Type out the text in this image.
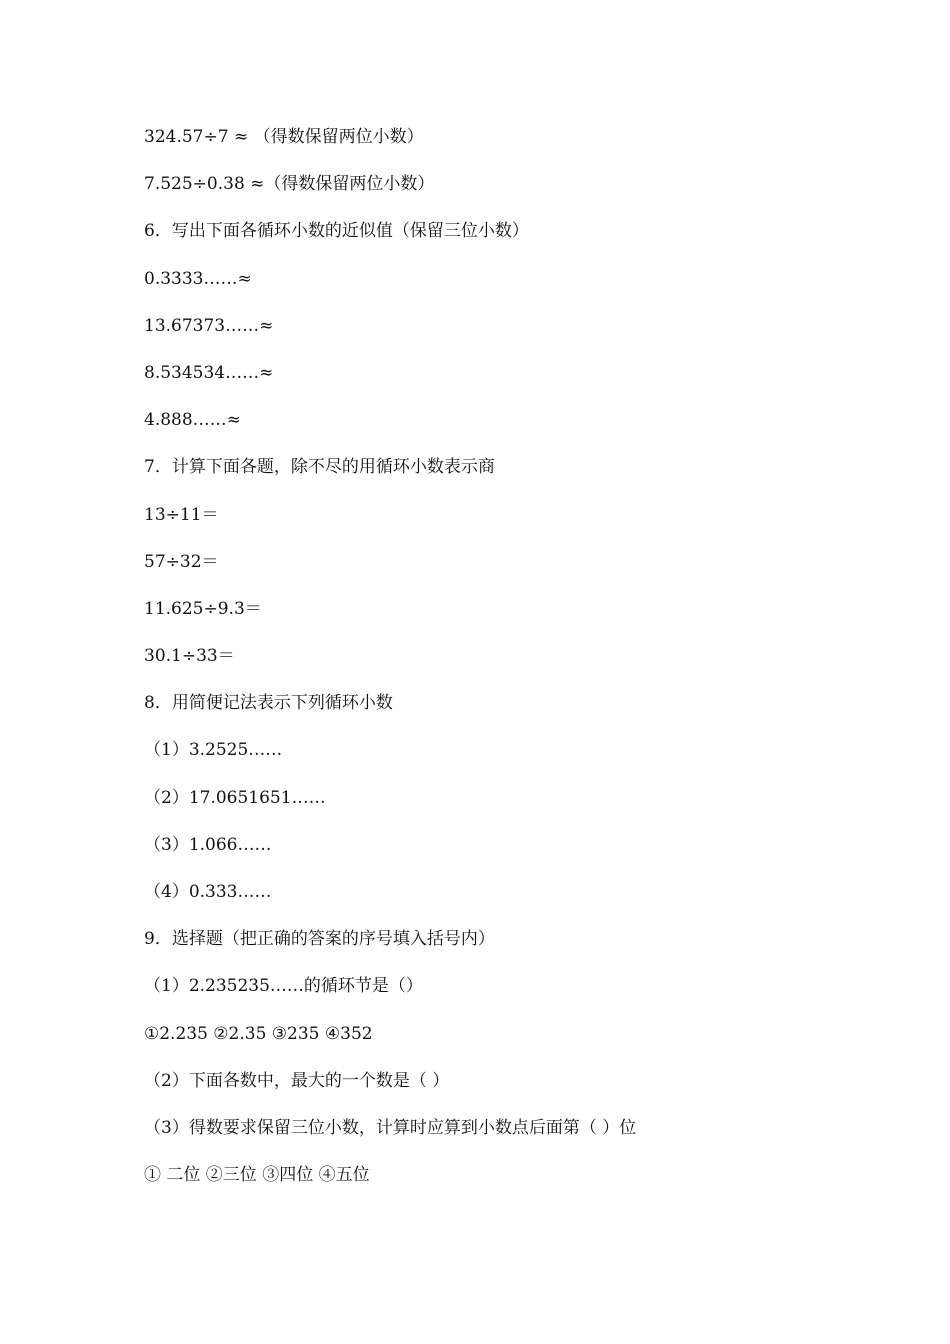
324.57÷7 ≈ （得数保留两位小数）
7.525÷0.38 ≈（得数保留两位小数）
6．写出下面各循环小数的近似值（保留三位小数）
0.3333……≈
13.67373……≈
8.534534……≈
4.888……≈
7．计算下面各题，除不尽的用循环小数表示商
13÷11＝
57÷32＝
11.625÷9.3＝
30.1÷33＝
8．用简便记法表示下列循环小数
（1）3.2525……
（2）17.0651651……
（3）1.066……
（4）0.333……
9．选择题（把正确的答案的序号填入括号内）
（1）2.235235……的循环节是（）
①2.235 ②2.35 ③235 ④352
（2）下面各数中，最大的一个数是（ ）
（3）得数要求保留三位小数，计算时应算到小数点后面第（ ）位
① 二位 ②三位 ③四位 ④五位
